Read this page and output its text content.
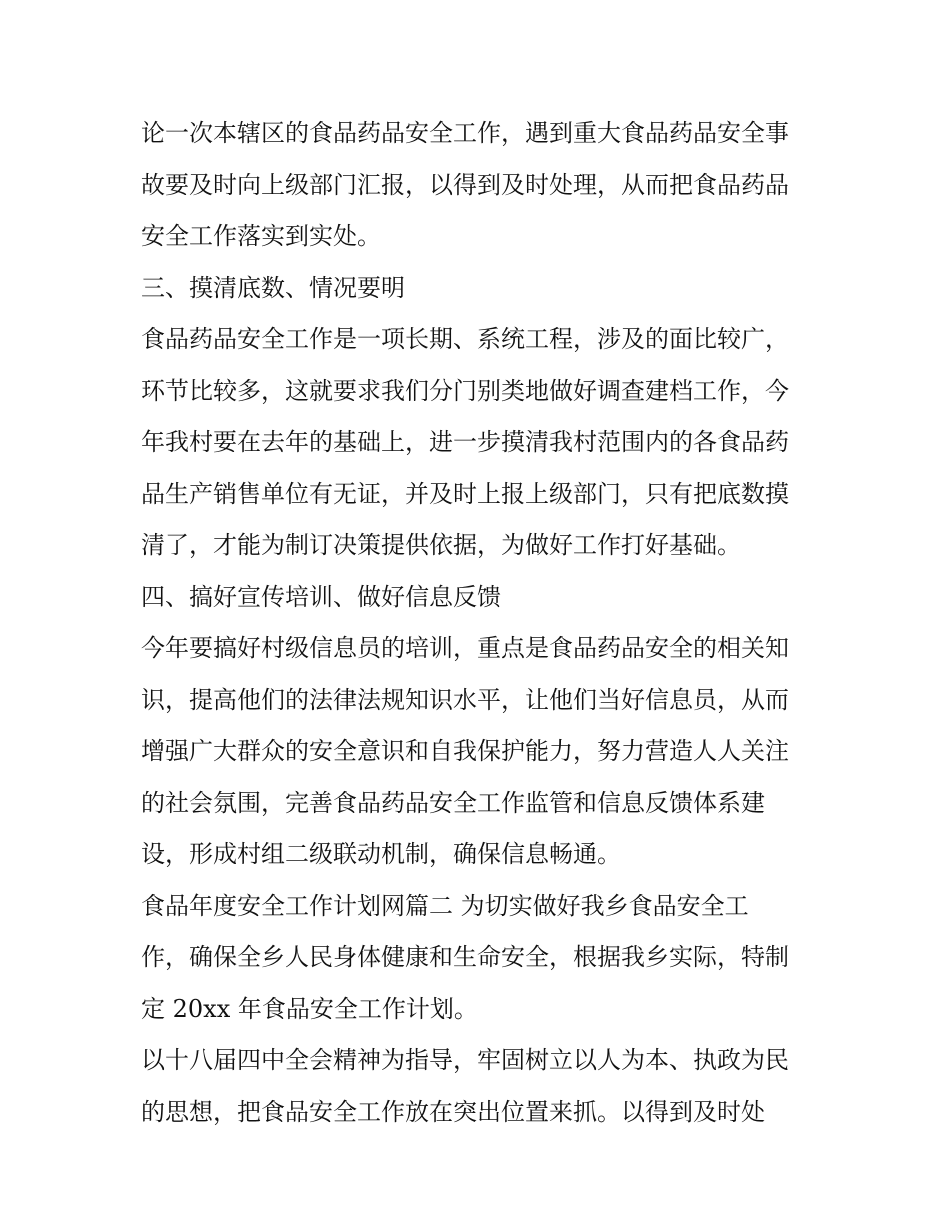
论一次本辖区的食品药品安全工作，遇到重大食品药品安全事
故要及时向上级部门汇报，以得到及时处理，从而把食品药品
安全工作落实到实处。
三、摸清底数、情况要明
食品药品安全工作是一项长期、系统工程，涉及的面比较广，
环节比较多，这就要求我们分门别类地做好调查建档工作，今
年我村要在去年的基础上，进一步摸清我村范围内的各食品药
品生产销售单位有无证，并及时上报上级部门，只有把底数摸
清了，才能为制订决策提供依据，为做好工作打好基础。
四、搞好宣传培训、做好信息反馈
今年要搞好村级信息员的培训，重点是食品药品安全的相关知
识，提高他们的法律法规知识水平，让他们当好信息员，从而
增强广大群众的安全意识和自我保护能力，努力营造人人关注
的社会氛围，完善食品药品安全工作监管和信息反馈体系建
设，形成村组二级联动机制，确保信息畅通。
食品年度安全工作计划网篇二 为切实做好我乡食品安全工
作，确保全乡人民身体健康和生命安全，根据我乡实际，特制
定 20xx 年食品安全工作计划。
以十八届四中全会精神为指导，牢固树立以人为本、执政为民
的思想，把食品安全工作放在突出位置来抓。以得到及时处
